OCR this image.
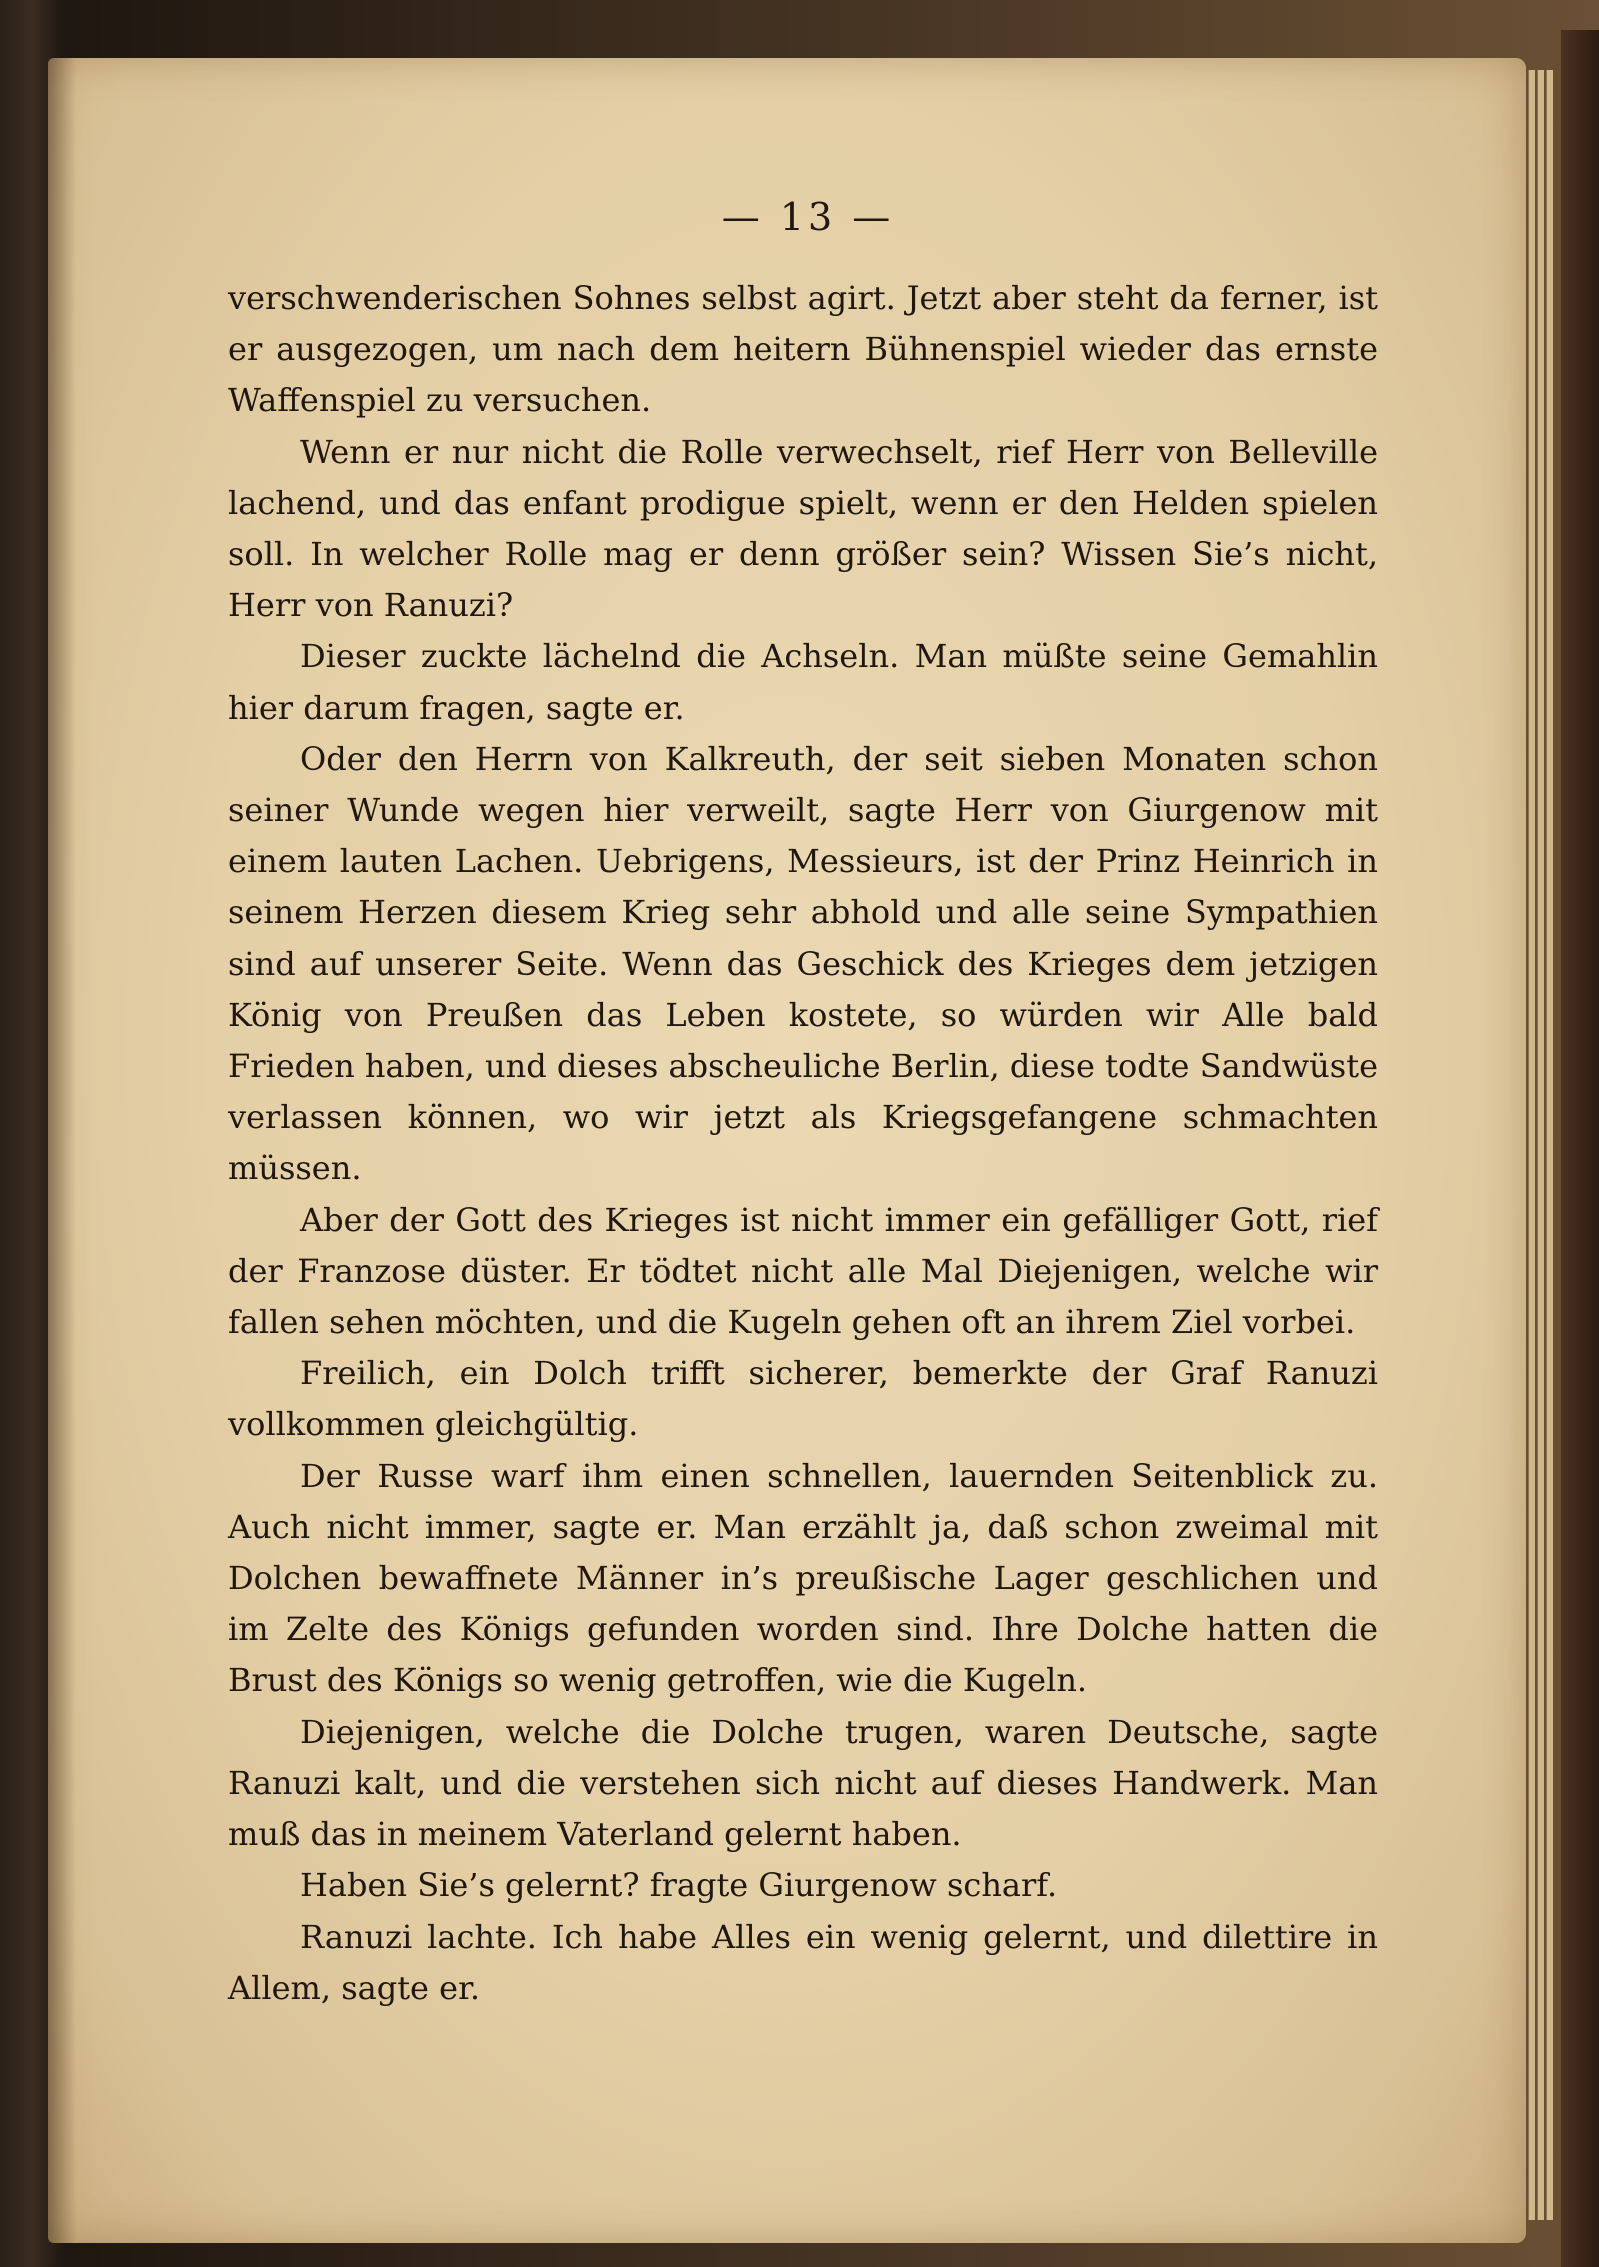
— 13 —

verschwenderischen Sohnes selbst agirt. Jetzt aber steht da ferner, ist er ausgezogen, um nach dem heitern Bühnenspiel wieder das ernste Waffenspiel zu versuchen.

Wenn er nur nicht die Rolle verwechselt, rief Herr von Belleville lachend, und das enfant prodigue spielt, wenn er den Helden spielen soll. In welcher Rolle mag er denn größer sein? Wissen Sie’s nicht, Herr von Ranuzi?

Dieser zuckte lächelnd die Achseln. Man müßte seine Gemahlin hier darum fragen, sagte er.

Oder den Herrn von Kalkreuth, der seit sieben Monaten schon seiner Wunde wegen hier verweilt, sagte Herr von Giurgenow mit einem lauten Lachen. Uebrigens, Messieurs, ist der Prinz Heinrich in seinem Herzen diesem Krieg sehr abhold und alle seine Sympathien sind auf unserer Seite. Wenn das Geschick des Krieges dem jetzigen König von Preußen das Leben kostete, so würden wir Alle bald Frieden haben, und dieses abscheuliche Berlin, diese todte Sandwüste verlassen können, wo wir jetzt als Kriegsgefangene schmachten müssen.

Aber der Gott des Krieges ist nicht immer ein gefälliger Gott, rief der Franzose düster. Er tödtet nicht alle Mal Diejenigen, welche wir fallen sehen möchten, und die Kugeln gehen oft an ihrem Ziel vorbei.

Freilich, ein Dolch trifft sicherer, bemerkte der Graf Ranuzi vollkommen gleichgültig.

Der Russe warf ihm einen schnellen, lauernden Seitenblick zu. Auch nicht immer, sagte er. Man erzählt ja, daß schon zweimal mit Dolchen bewaffnete Männer in’s preußische Lager geschlichen und im Zelte des Königs gefunden worden sind. Ihre Dolche hatten die Brust des Königs so wenig getroffen, wie die Kugeln.

Diejenigen, welche die Dolche trugen, waren Deutsche, sagte Ranuzi kalt, und die verstehen sich nicht auf dieses Handwerk. Man muß das in meinem Vaterland gelernt haben.

Haben Sie’s gelernt? fragte Giurgenow scharf.

Ranuzi lachte. Ich habe Alles ein wenig gelernt, und dilettire in Allem, sagte er.
